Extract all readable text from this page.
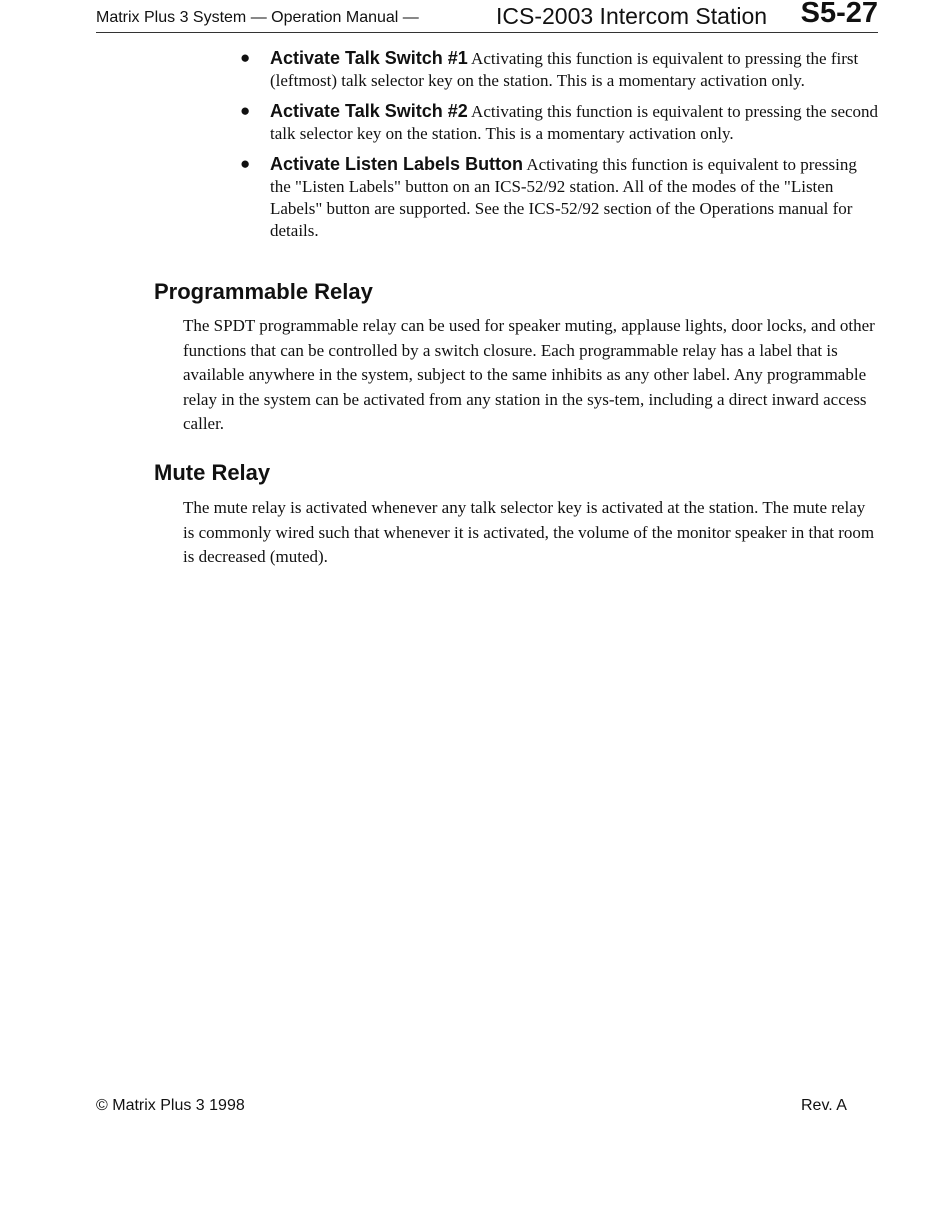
Matrix Plus 3 System — Operation Manual —	ICS-2003 Intercom Station S5-27
● Activate Talk Switch #1 Activating this function is equivalent to pressing the first (leftmost) talk selector key on the station. This is a momentary activation only.
● Activate Talk Switch #2 Activating this function is equivalent to pressing the second talk selector key on the station. This is a momentary activation only.
● Activate Listen Labels Button Activating this function is equivalent to pressing the "Listen Labels" button on an ICS-52/92 station. All of the modes of the "Listen Labels" button are supported. See the ICS-52/92 section of the Operations manual for details.
Programmable Relay

The SPDT programmable relay can be used for speaker muting, applause lights, door locks, and other functions that can be controlled by a switch closure. Each programmable relay has a label that is available anywhere in the system, subject to the same inhibits as any other label. Any programmable relay in the system can be activated from any station in the sys-tem, including a direct inward access caller.

Mute Relay

The mute relay is activated whenever any talk selector key is activated at the station. The mute relay is commonly wired such that whenever it is activated, the volume of the monitor speaker in that room is decreased (muted).

© Matrix Plus 3 1998	Rev. A
